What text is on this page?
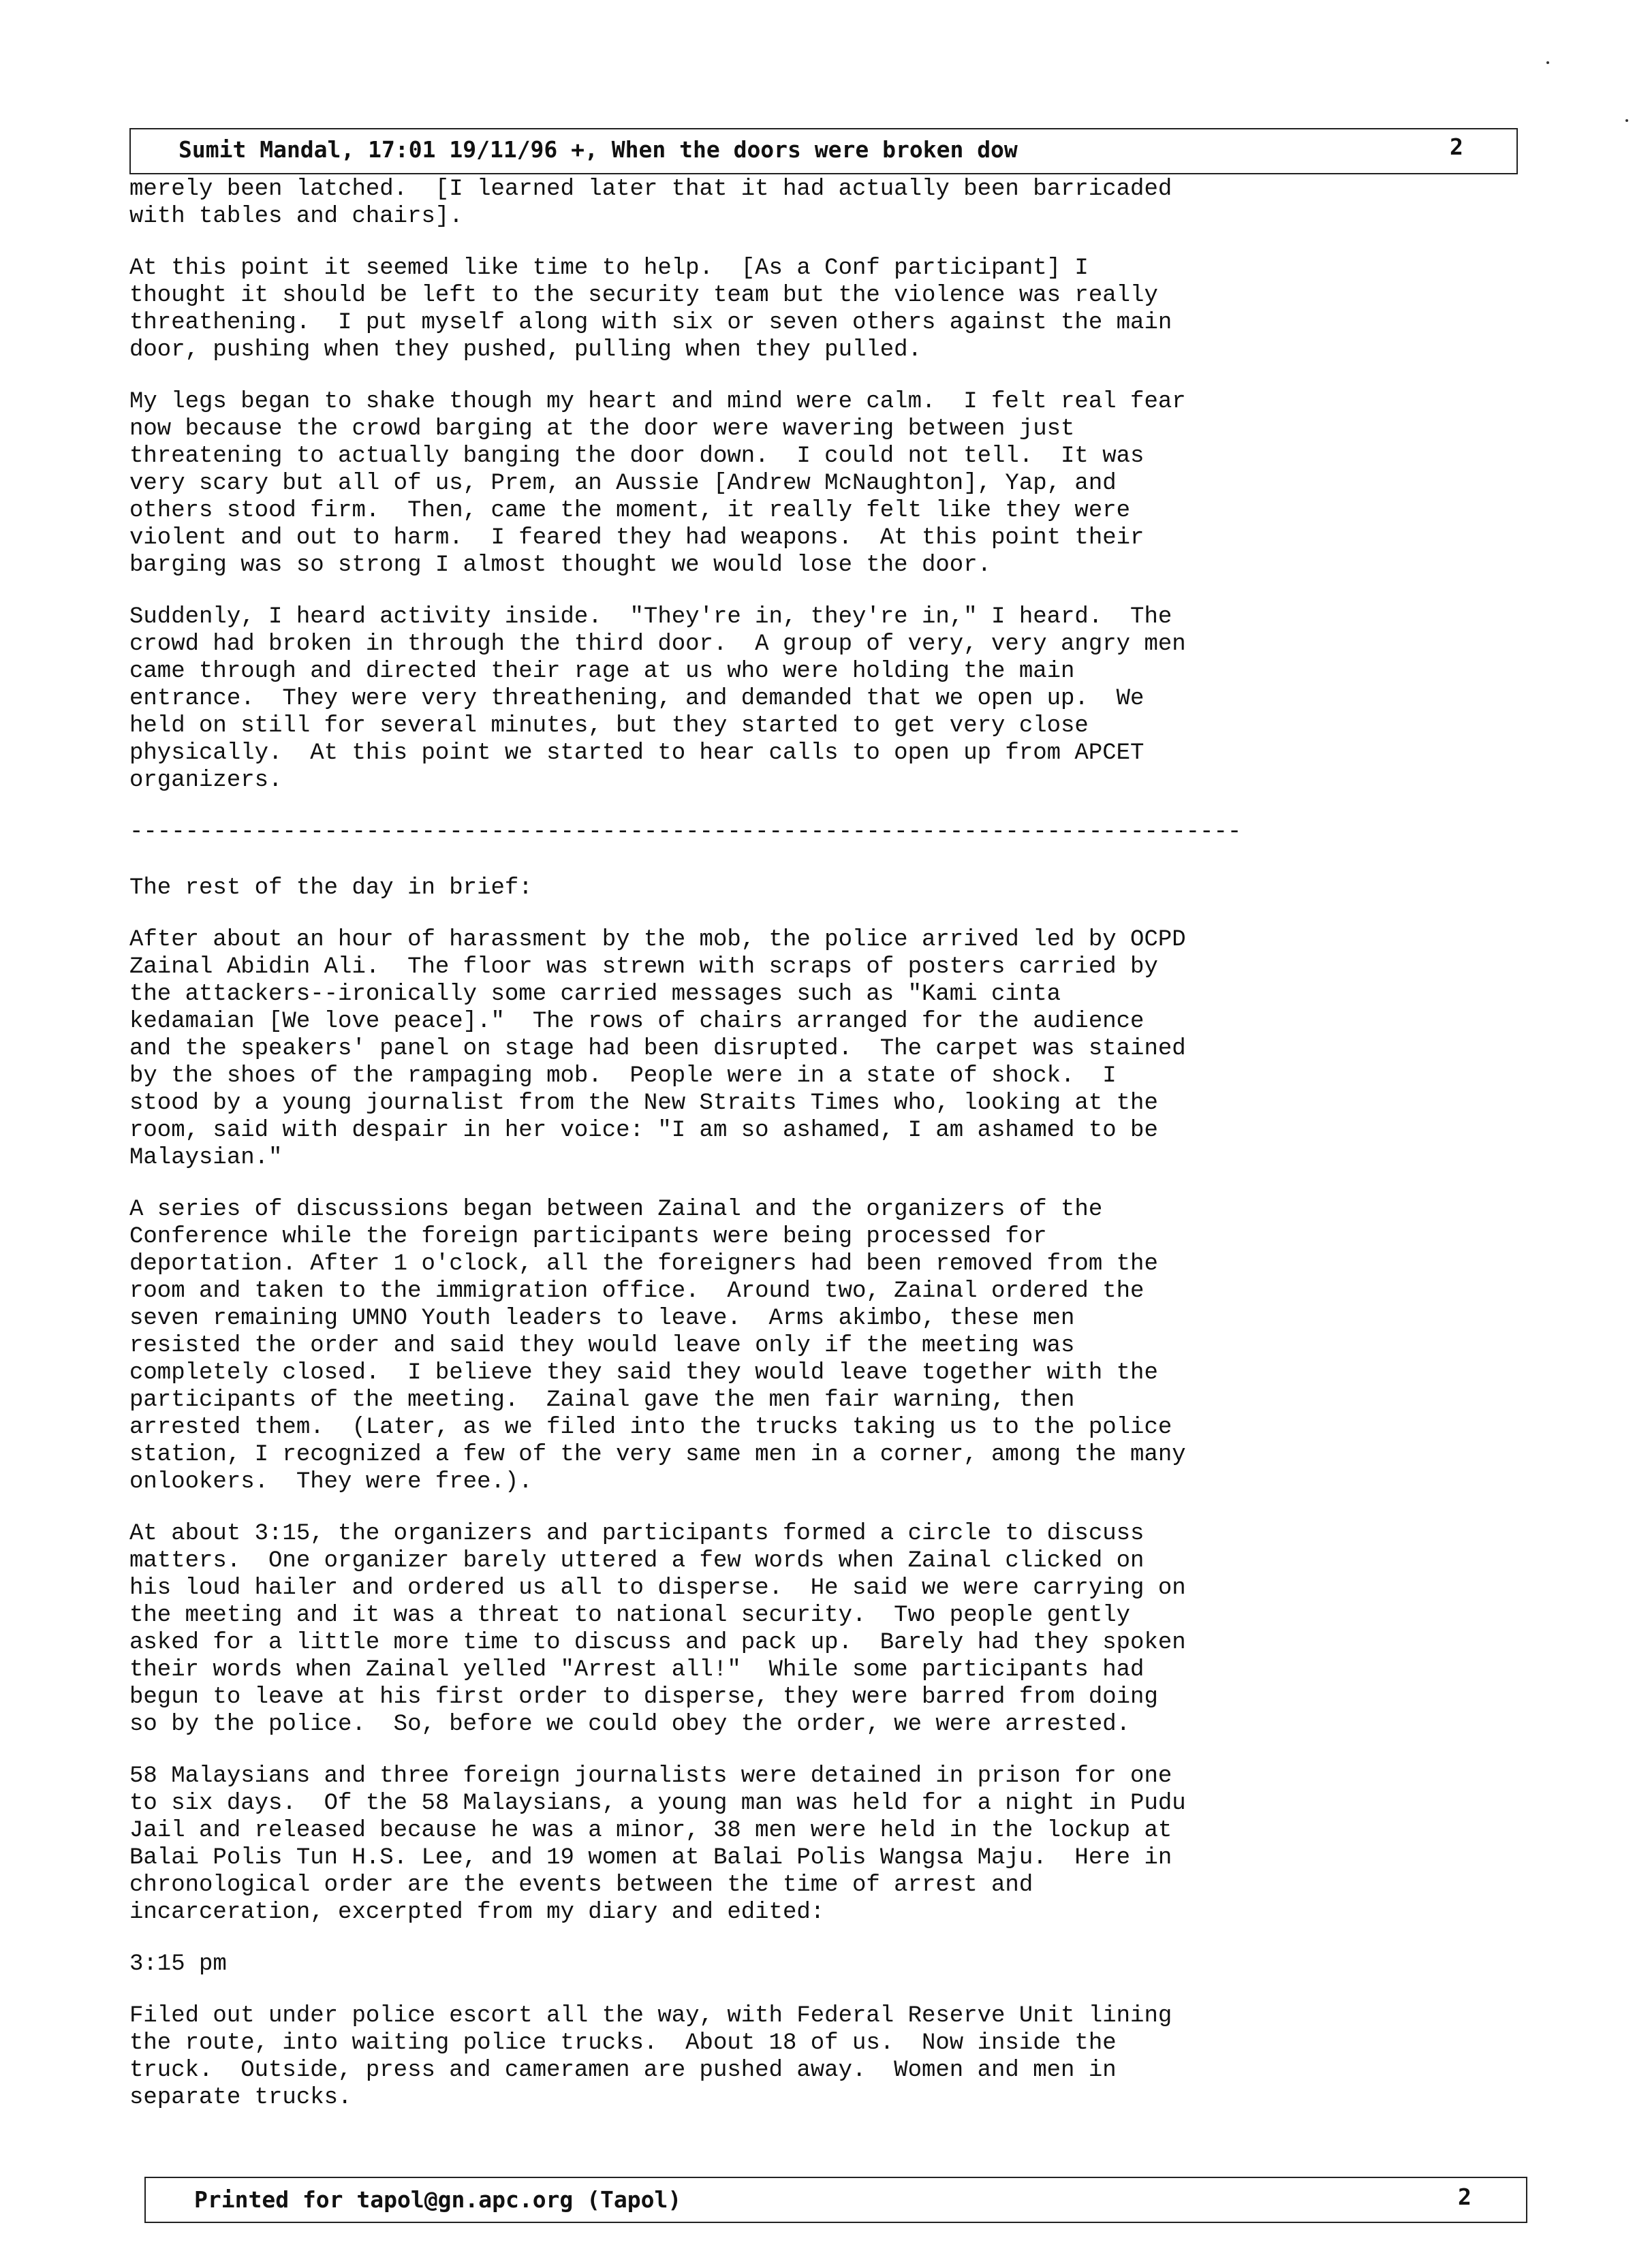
Sumit Mandal, 17:01 19/11/96 +, When the doors were broken dow	2
merely been latched.  [I learned later that it had actually been barricaded
with tables and chairs].
At this point it seemed like time to help.  [As a Conf participant] I
thought it should be left to the security team but the violence was really
threathening.  I put myself along with six or seven others against the main
door, pushing when they pushed, pulling when they pulled.
My legs began to shake though my heart and mind were calm.  I felt real fear
now because the crowd barging at the door were wavering between just
threatening to actually banging the door down.  I could not tell.  It was
very scary but all of us, Prem, an Aussie [Andrew McNaughton], Yap, and
others stood firm.  Then, came the moment, it really felt like they were
violent and out to harm.  I feared they had weapons.  At this point their
barging was so strong I almost thought we would lose the door.
Suddenly, I heard activity inside.  "They're in, they're in," I heard.  The
crowd had broken in through the third door.  A group of very, very angry men
came through and directed their rage at us who were holding the main
entrance.  They were very threathening, and demanded that we open up.  We
held on still for several minutes, but they started to get very close
physically.  At this point we started to hear calls to open up from APCET
organizers.
--------------------------------------------------------------------------------
The rest of the day in brief:
After about an hour of harassment by the mob, the police arrived led by OCPD
Zainal Abidin Ali.  The floor was strewn with scraps of posters carried by
the attackers--ironically some carried messages such as "Kami cinta
kedamaian [We love peace]."  The rows of chairs arranged for the audience
and the speakers' panel on stage had been disrupted.  The carpet was stained
by the shoes of the rampaging mob.  People were in a state of shock.  I
stood by a young journalist from the New Straits Times who, looking at the
room, said with despair in her voice: "I am so ashamed, I am ashamed to be
Malaysian."
A series of discussions began between Zainal and the organizers of the
Conference while the foreign participants were being processed for
deportation. After 1 o'clock, all the foreigners had been removed from the
room and taken to the immigration office.  Around two, Zainal ordered the
seven remaining UMNO Youth leaders to leave.  Arms akimbo, these men
resisted the order and said they would leave only if the meeting was
completely closed.  I believe they said they would leave together with the
participants of the meeting.  Zainal gave the men fair warning, then
arrested them.  (Later, as we filed into the trucks taking us to the police
station, I recognized a few of the very same men in a corner, among the many
onlookers.  They were free.).
At about 3:15, the organizers and participants formed a circle to discuss
matters.  One organizer barely uttered a few words when Zainal clicked on
his loud hailer and ordered us all to disperse.  He said we were carrying on
the meeting and it was a threat to national security.  Two people gently
asked for a little more time to discuss and pack up.  Barely had they spoken
their words when Zainal yelled "Arrest all!"  While some participants had
begun to leave at his first order to disperse, they were barred from doing
so by the police.  So, before we could obey the order, we were arrested.
58 Malaysians and three foreign journalists were detained in prison for one
to six days.  Of the 58 Malaysians, a young man was held for a night in Pudu
Jail and released because he was a minor, 38 men were held in the lockup at
Balai Polis Tun H.S. Lee, and 19 women at Balai Polis Wangsa Maju.  Here in
chronological order are the events between the time of arrest and
incarceration, excerpted from my diary and edited:
3:15 pm
Filed out under police escort all the way, with Federal Reserve Unit lining
the route, into waiting police trucks.  About 18 of us.  Now inside the
truck.  Outside, press and cameramen are pushed away.  Women and men in
separate trucks.
Printed for tapol@gn.apc.org (Tapol)	2
